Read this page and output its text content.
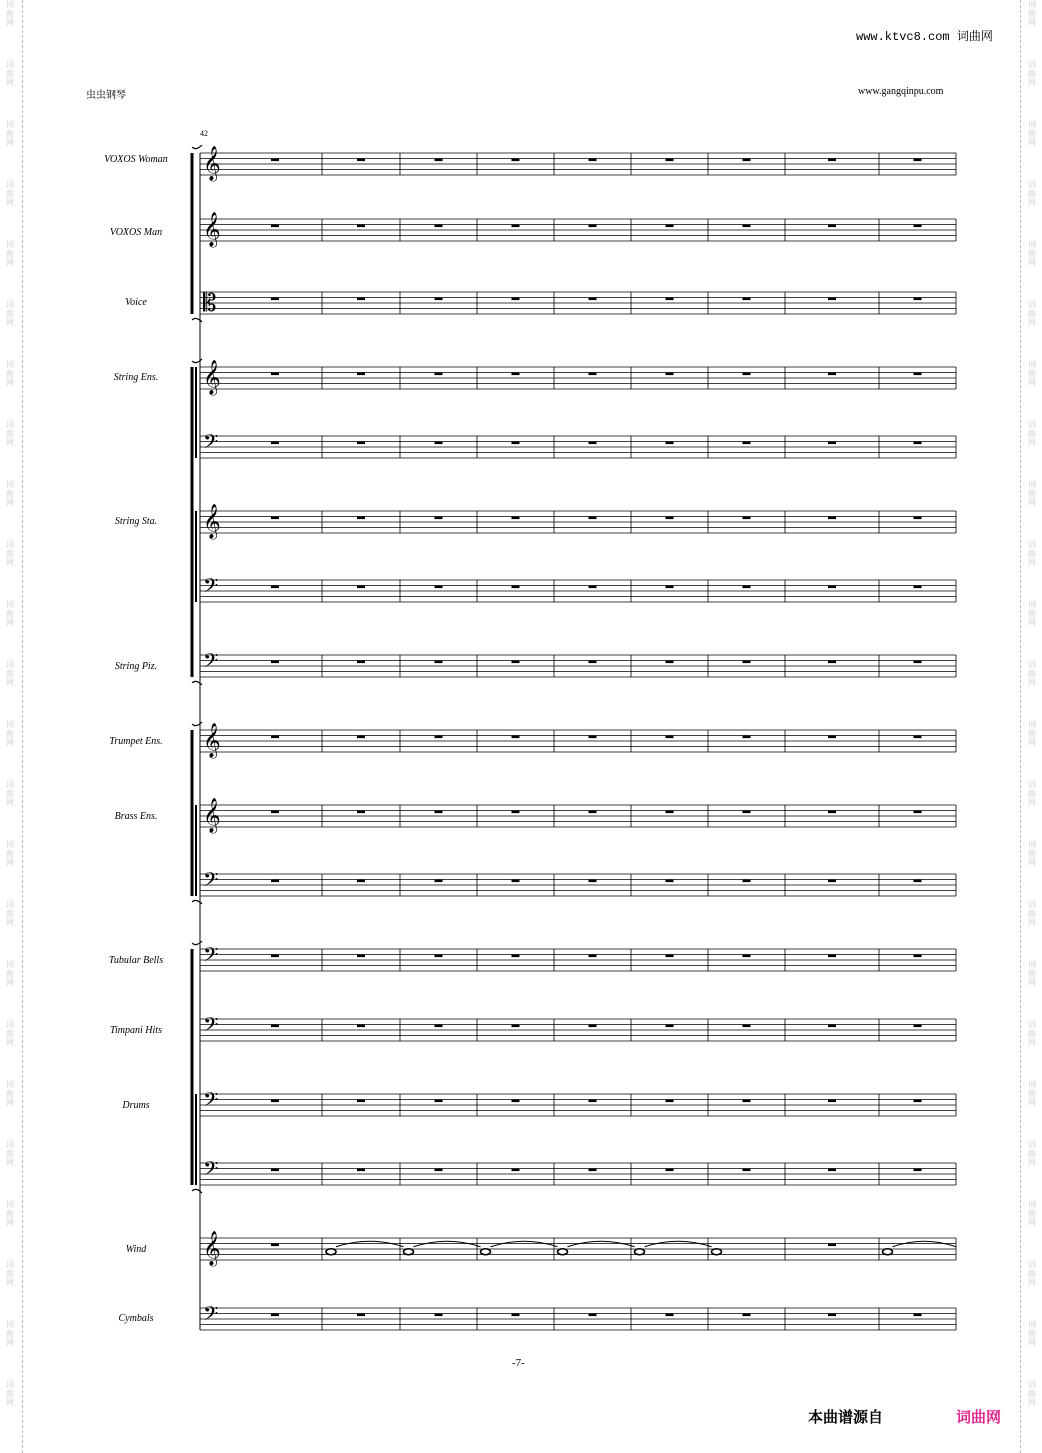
词
曲
网
词
曲
网
词
曲
网
词
曲
网
词
曲
网
词
曲
网
词
曲
网
词
曲
网
词
曲
网
词
曲
网
词
曲
网
词
曲
网
词
曲
网
词
曲
网
词
曲
网
词
曲
网
词
曲
网
词
曲
网
词
曲
网
词
曲
网
词
曲
网
词
曲
网
词
曲
网
词
曲
网
词
曲
网
词
曲
网
词
曲
网
词
曲
网
词
曲
网
词
曲
网
词
曲
网
词
曲
网
词
曲
网
词
曲
网
词
曲
网
词
曲
网
词
曲
网
词
曲
网
词
曲
网
词
曲
网
词
曲
网
词
曲
网
词
曲
网
词
曲
网
词
曲
网
词
曲
网
词
曲
网
词
曲
网
www.ktvc8.com 词曲网
虫虫钢琴	www.gangqinpu.com
VOXOS Woman
VOXOS Man
Voice
String Ens.
String Sta.
String Piz.
Trumpet Ens.
Brass Ens.
Tubular Bells
Timpani Hits
Drums
Wind
Cymbals
42
𝄞
𝄞
𝄡
𝄞
𝄢
𝄞
𝄢
𝄢
𝄞
𝄞
𝄢
𝄢
𝄢
𝄢
𝄢
𝄞
𝄢
-7-
本曲谱源自	词曲网
